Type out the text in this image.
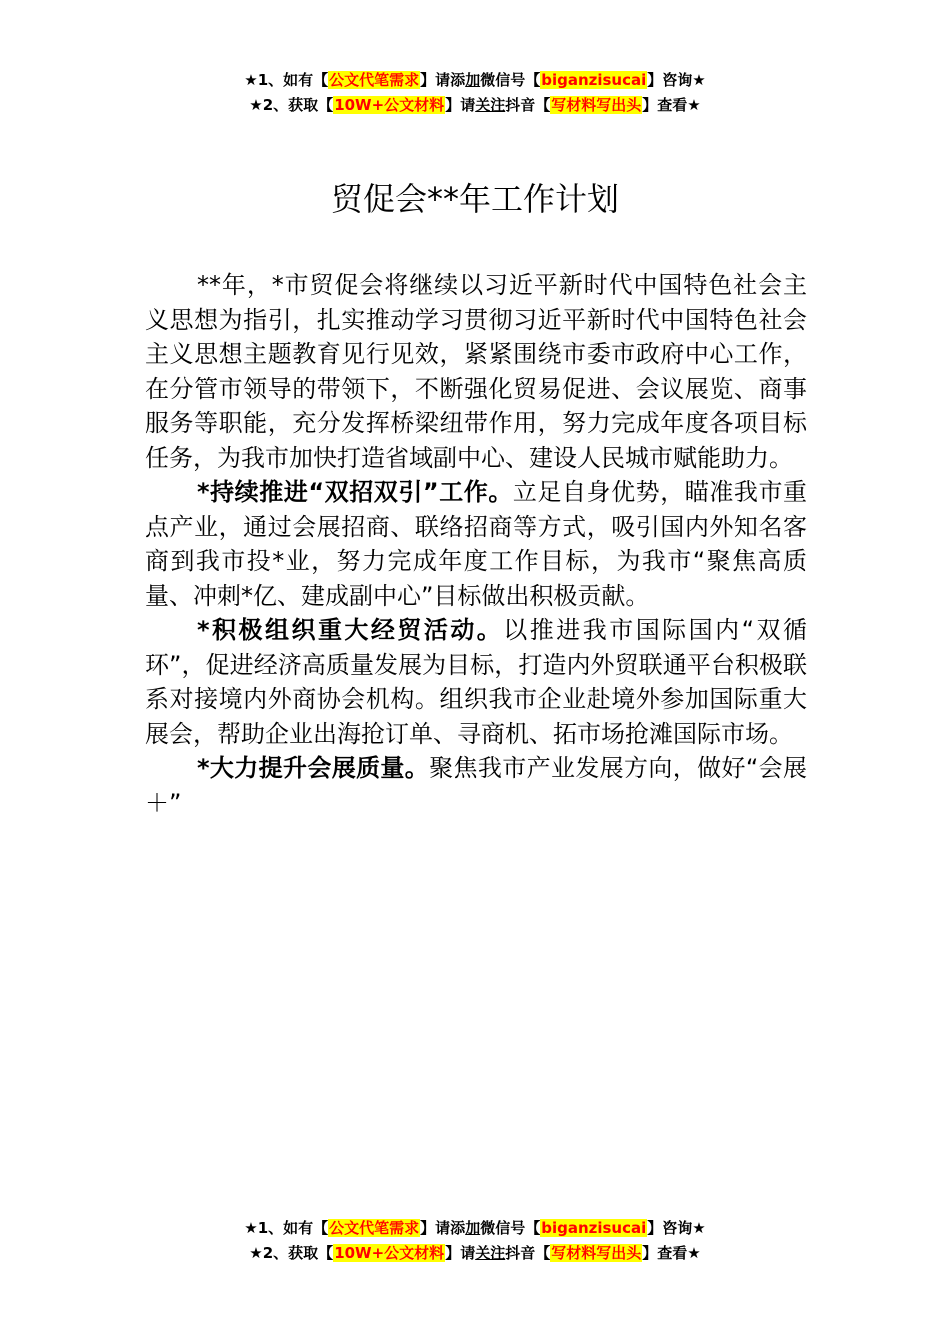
★1、如有【公文代笔需求】请添加微信号【biganzisucai】咨询★
★2、获取【10W+公文材料】请关注抖音【写材料写出头】查看★
贸促会**年工作计划

**年，*市贸促会将继续以习近平新时代中国特色社会主义思想为指引，扎实推动学习贯彻习近平新时代中国特色社会主义思想主题教育见行见效，紧紧围绕市委市政府中心工作，在分管市领导的带领下，不断强化贸易促进、会议展览、商事服务等职能，充分发挥桥梁纽带作用，努力完成年度各项目标任务，为我市加快打造省域副中心、建设人民城市赋能助力。

*持续推进“双招双引”工作。立足自身优势，瞄准我市重点产业，通过会展招商、联络招商等方式，吸引国内外知名客商到我市投*业，努力完成年度工作目标，为我市“聚焦高质量、冲刺*亿、建成副中心”目标做出积极贡献。

*积极组织重大经贸活动。以推进我市国际国内“双循环”，促进经济高质量发展为目标，打造内外贸联通平台积极联系对接境内外商协会机构。组织我市企业赴境外参加国际重大展会，帮助企业出海抢订单、寻商机、拓市场抢滩国际市场。

*大力提升会展质量。聚焦我市产业发展方向，做好“会展＋”

★1、如有【公文代笔需求】请添加微信号【biganzisucai】咨询★
★2、获取【10W+公文材料】请关注抖音【写材料写出头】查看★
